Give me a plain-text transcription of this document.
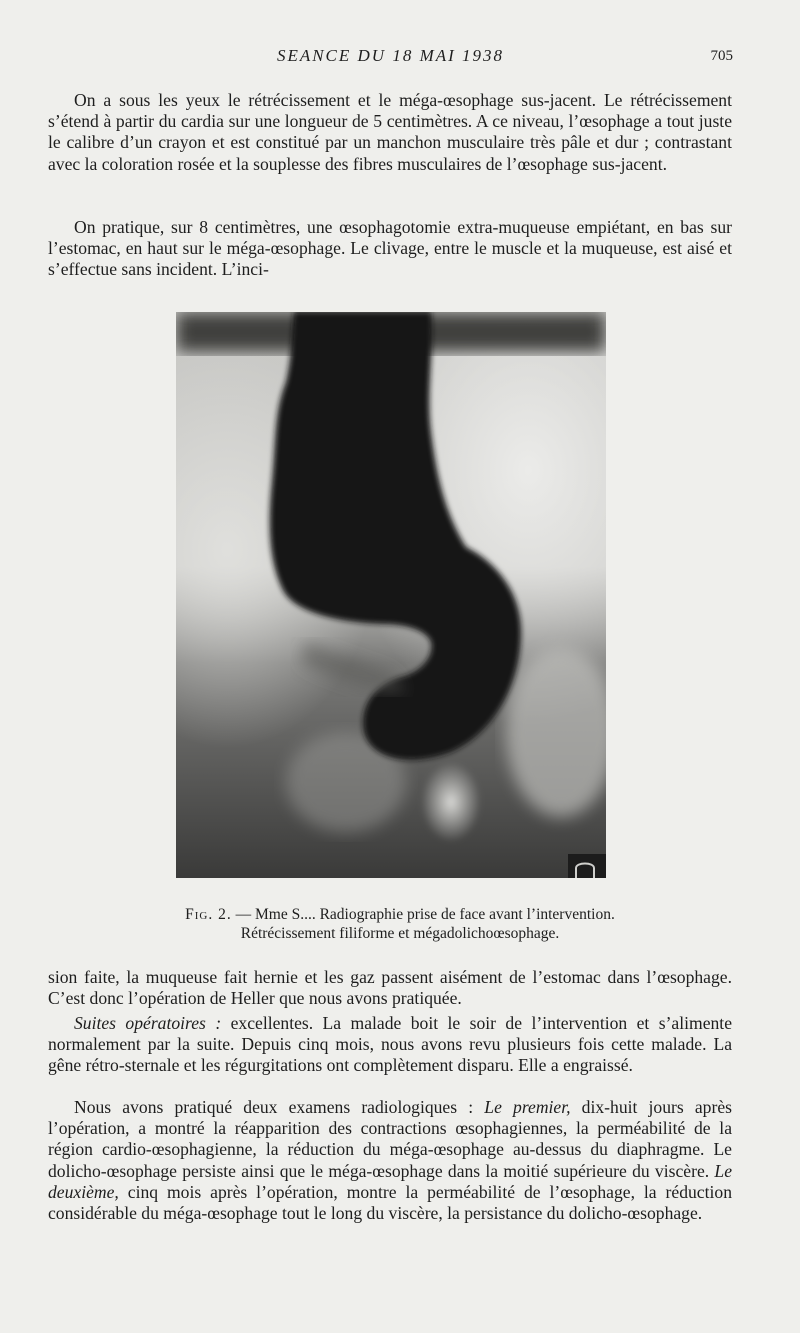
SEANCE DU 18 MAI 1938	705

On a sous les yeux le rétrécissement et le méga-œsophage sus-jacent. Le rétrécissement s’étend à partir du cardia sur une longueur de 5 centimètres. A ce niveau, l’œsophage a tout juste le calibre d’un crayon et est constitué par un manchon musculaire très pâle et dur ; contrastant avec la coloration rosée et la souplesse des fibres musculaires de l’œsophage sus-jacent.

On pratique, sur 8 centimètres, une œsophagotomie extra-muqueuse empiétant, en bas sur l’estomac, en haut sur le méga-œsophage. Le clivage, entre le muscle et la muqueuse, est aisé et s’effectue sans incident. L’inci-

Fig. 2. — Mme S.... Radiographie prise de face avant l’intervention.
Rétrécissement filiforme et mégadolichoœsophage.

sion faite, la muqueuse fait hernie et les gaz passent aisément de l’estomac dans l’œsophage. C’est donc l’opération de Heller que nous avons pratiquée.

Suites opératoires : excellentes. La malade boit le soir de l’intervention et s’alimente normalement par la suite. Depuis cinq mois, nous avons revu plusieurs fois cette malade. La gêne rétro-sternale et les régurgitations ont complètement disparu. Elle a engraissé.

Nous avons pratiqué deux examens radiologiques : Le premier, dix-huit jours après l’opération, a montré la réapparition des contractions œsophagiennes, la perméabilité de la région cardio-œsophagienne, la réduction du méga-œsophage au-dessus du diaphragme. Le dolicho-œsophage persiste ainsi que le méga-œsophage dans la moitié supérieure du viscère. Le deuxième, cinq mois après l’opération, montre la perméabilité de l’œsophage, la réduction considérable du méga-œsophage tout le long du viscère, la persistance du dolicho-œsophage.
